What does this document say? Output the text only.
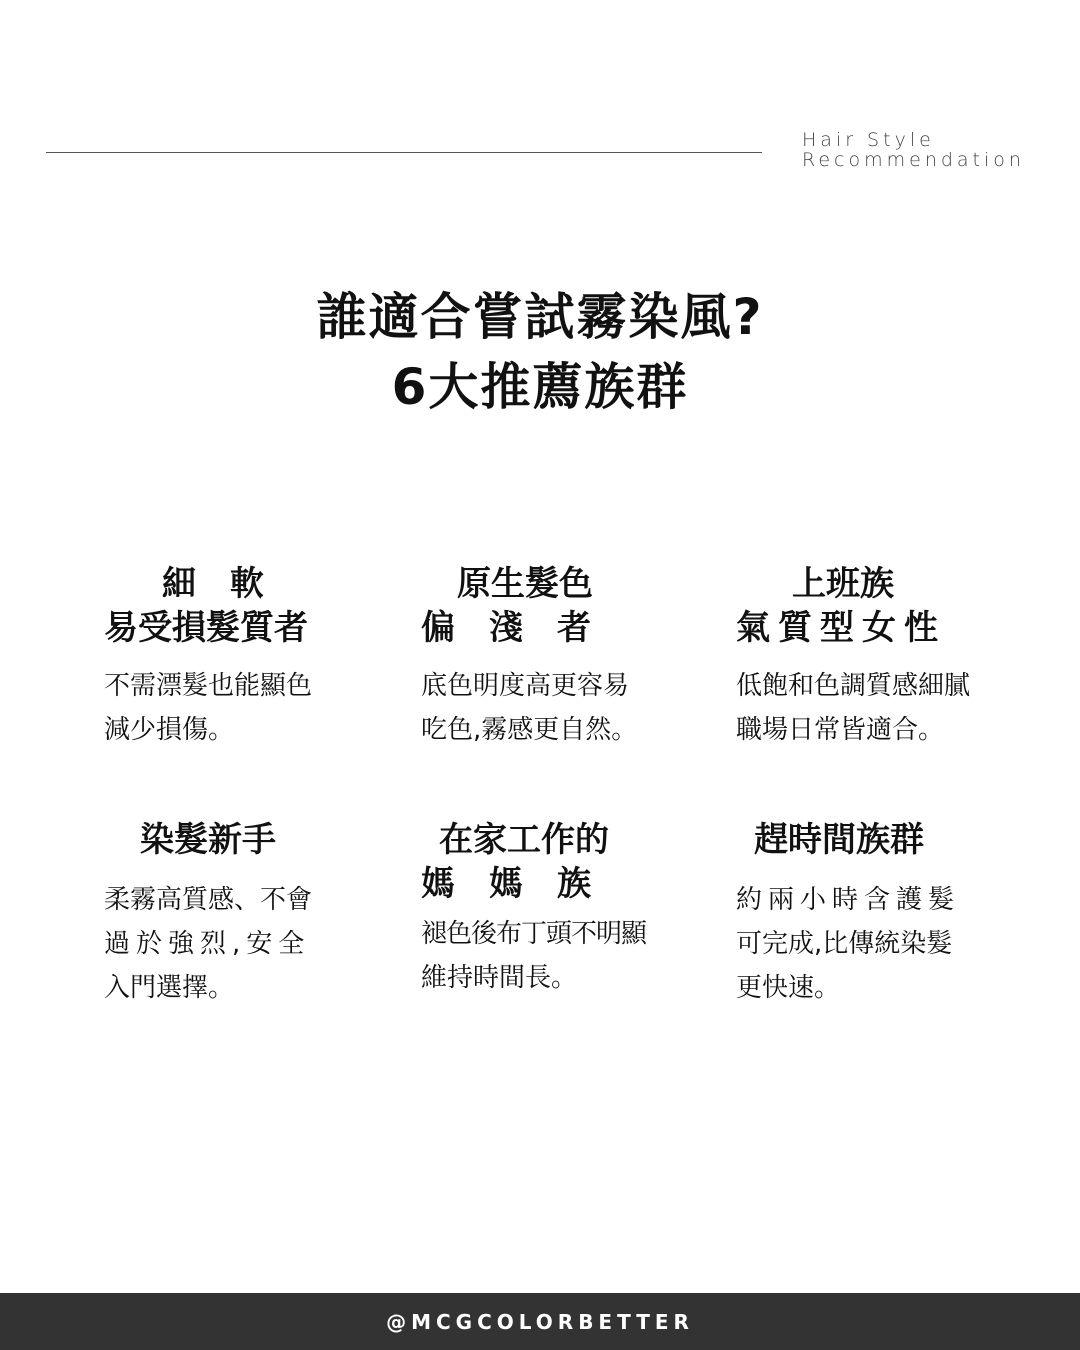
Hair Style
Recommendation
誰適合嘗試霧染風?
6大推薦族群
細　軟
易受損髮質者
不需漂髮也能顯色
減少損傷。
原生髮色
偏　淺　者
底色明度高更容易
吃色,霧感更自然。
上班族
氣質型女性
低飽和色調質感細膩
職場日常皆適合。
染髮新手
柔霧高質感、不會
過於強烈,安全
入門選擇。
在家工作的
媽　媽　族
褪色後布丁頭不明顯
維持時間長。
趕時間族群
約兩小時含護髮
可完成,比傳統染髮
更快速。
@MCGCOLORBETTER
